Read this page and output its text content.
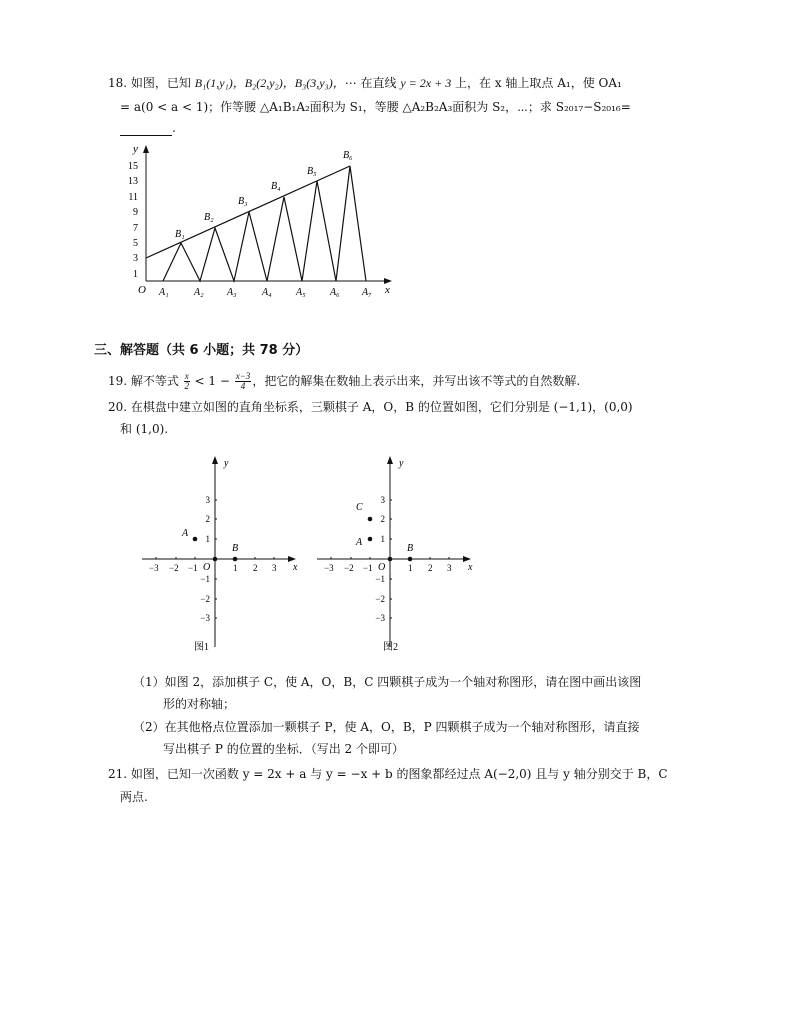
18. 如图，已知 B₁(1,y₁)，B₂(2,y₂)，B₃(3,y₃)，⋯ 在直线 y = 2x + 3 上，在 x 轴上取点 A₁，使 OA₁
= a(0 < a < 1)；作等腰 △A₁B₁A₂面积为 S₁，等腰 △A₂B₂A₃面积为 S₂，⋯；求 S₂₀₁₇−S₂₀₁₆=
.
y
x
O
1
3
5
7
9
11
13
15
A₁	A₂ A₃	A₄ A₅ A₆ A₇
B₁
B₂
B₃
B₄
B₅
B₆
三、解答题（共 6 小题；共 78 分）
19. 解不等式 $\frac{x}{2} < 1 - \frac{x-3}{4}$ ，把它的解集在数轴上表示出来，并写出该不等式的自然数解.
20. 在棋盘中建立如图的直角坐标系，三颗棋子 A，O，B 的位置如图，它们分别是 (−1,1)，(0,0)
和 (1,0).
y
x
O
−3 −2 −1	1 2 3
3
2
1
−1
−2
−3
A
B
图1
y
x
O
−3 −2 −1	1 2 3
3
2
1
−1
−2
−3
C
A
B
图2
（1）如图 2，添加棋子 C，使 A，O，B，C 四颗棋子成为一个轴对称图形，请在图中画出该图
形的对称轴；
（2）在其他格点位置添加一颗棋子 P，使 A，O，B，P 四颗棋子成为一个轴对称图形，请直接
写出棋子 P 的位置的坐标．（写出 2 个即可）
21. 如图，已知一次函数 y = 2x + a 与 y = −x + b 的图象都经过点 A(−2,0) 且与 y 轴分别交于 B，C
两点.
